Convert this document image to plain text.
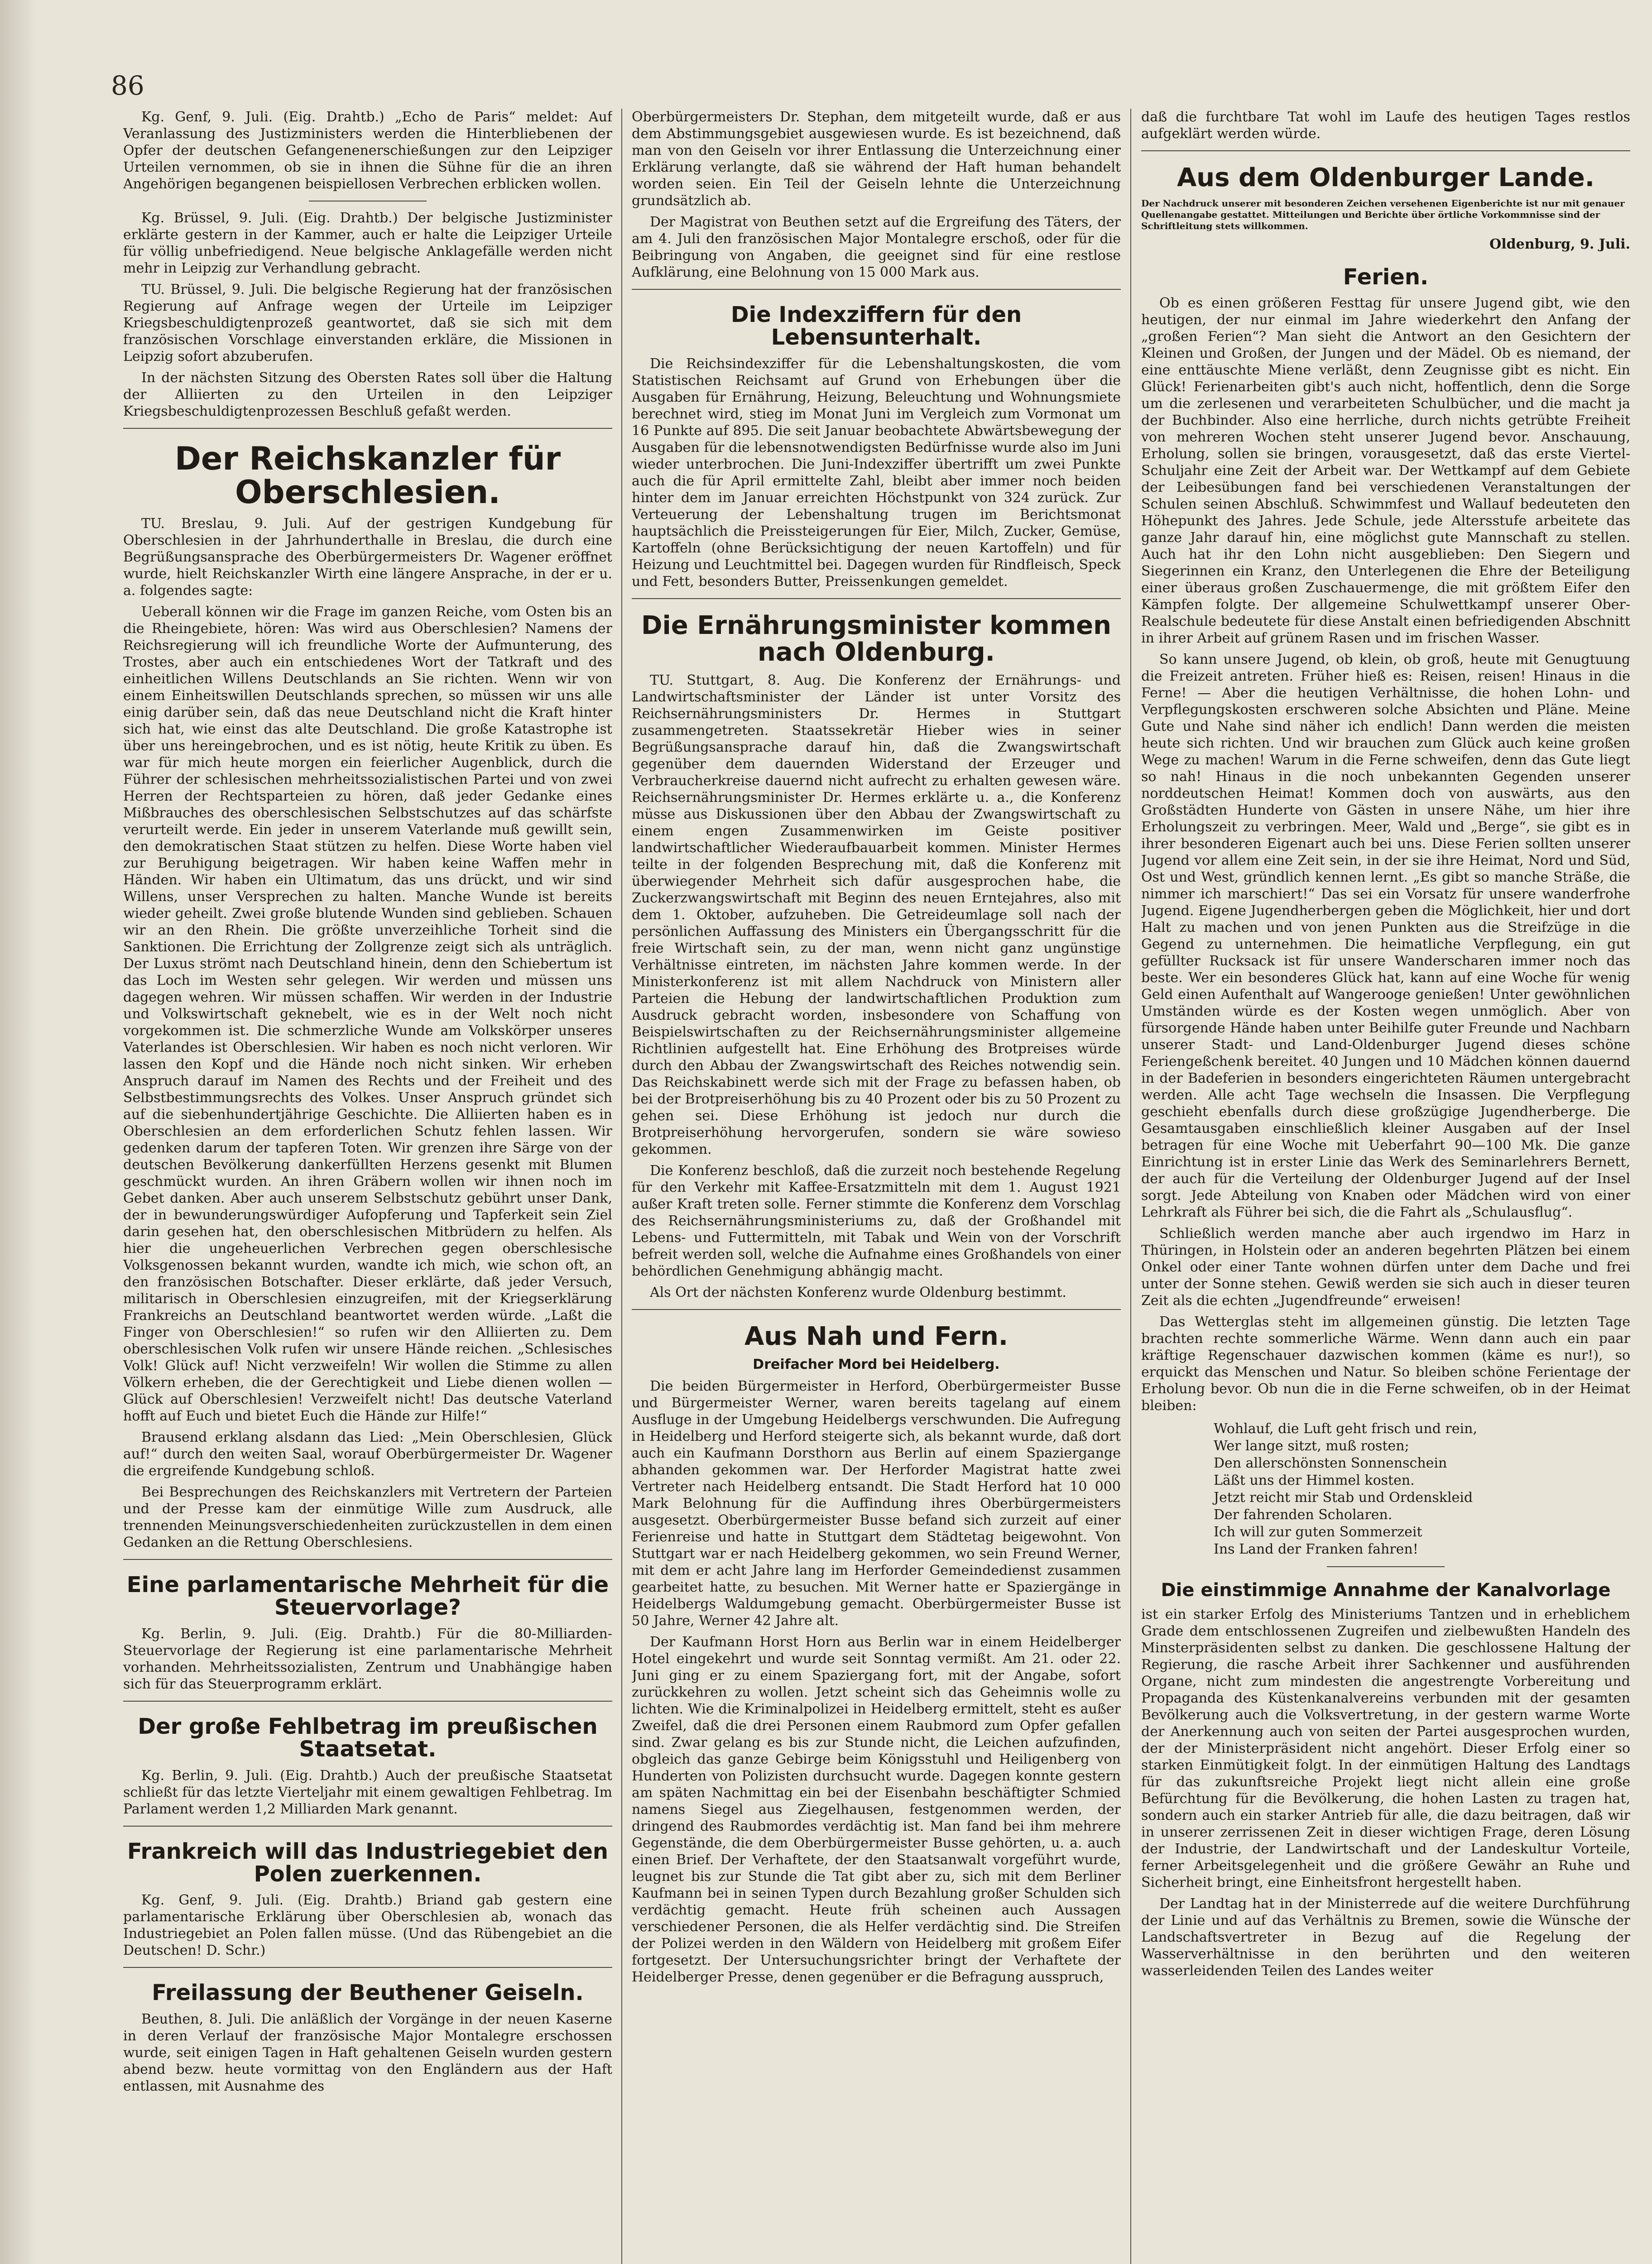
86

Kg. Genf, 9. Juli. (Eig. Drahtb.) „Echo de Paris“ meldet: Auf Veranlassung des Justizministers werden die Hinterbliebenen der Opfer der deutschen Gefangenenerschießungen zur den Leipziger Urteilen vernommen, ob sie in ihnen die Sühne für die an ihren Angehörigen begangenen beispiellosen Verbrechen erblicken wollen.

Kg. Brüssel, 9. Juli. (Eig. Drahtb.) Der belgische Justizminister erklärte gestern in der Kammer, auch er halte die Leipziger Urteile für völlig unbefriedigend. Neue belgische Anklagefälle werden nicht mehr in Leipzig zur Verhandlung gebracht.

TU. Brüssel, 9. Juli. Die belgische Regierung hat der französischen Regierung auf Anfrage wegen der Urteile im Leipziger Kriegsbeschuldigtenprozeß geantwortet, daß sie sich mit dem französischen Vorschlage einverstanden erkläre, die Missionen in Leipzig sofort abzuberufen.

In der nächsten Sitzung des Obersten Rates soll über die Haltung der Alliierten zu den Urteilen in den Leipziger Kriegsbeschuldigtenprozessen Beschluß gefaßt werden.

Der Reichskanzler für Oberschlesien.

TU. Breslau, 9. Juli. Auf der gestrigen Kundgebung für Oberschlesien in der Jahrhunderthalle in Breslau, die durch eine Begrüßungsansprache des Oberbürgermeisters Dr. Wagener eröffnet wurde, hielt Reichskanzler Wirth eine längere Ansprache, in der er u. a. folgendes sagte:

Ueberall können wir die Frage im ganzen Reiche, vom Osten bis an die Rheingebiete, hören: Was wird aus Oberschlesien? Namens der Reichsregierung will ich freundliche Worte der Aufmunterung, des Trostes, aber auch ein entschiedenes Wort der Tatkraft und des einheitlichen Willens Deutschlands an Sie richten. Wenn wir von einem Einheitswillen Deutschlands sprechen, so müssen wir uns alle einig darüber sein, daß das neue Deutschland nicht die Kraft hinter sich hat, wie einst das alte Deutschland. Die große Katastrophe ist über uns hereingebrochen, und es ist nötig, heute Kritik zu üben. Es war für mich heute morgen ein feierlicher Augenblick, durch die Führer der schlesischen mehrheitssozialistischen Partei und von zwei Herren der Rechtsparteien zu hören, daß jeder Gedanke eines Mißbrauches des oberschlesischen Selbstschutzes auf das schärfste verurteilt werde. Ein jeder in unserem Vaterlande muß gewillt sein, den demokratischen Staat stützen zu helfen. Diese Worte haben viel zur Beruhigung beigetragen. Wir haben keine Waffen mehr in Händen. Wir haben ein Ultimatum, das uns drückt, und wir sind Willens, unser Versprechen zu halten. Manche Wunde ist bereits wieder geheilt. Zwei große blutende Wunden sind geblieben. Schauen wir an den Rhein. Die größte unverzeihliche Torheit sind die Sanktionen. Die Errichtung der Zollgrenze zeigt sich als unträglich. Der Luxus strömt nach Deutschland hinein, denn den Schiebertum ist das Loch im Westen sehr gelegen. Wir werden und müssen uns dagegen wehren. Wir müssen schaffen. Wir werden in der Industrie und Volkswirtschaft geknebelt, wie es in der Welt noch nicht vorgekommen ist. Die schmerzliche Wunde am Volkskörper unseres Vaterlandes ist Oberschlesien. Wir haben es noch nicht verloren. Wir lassen den Kopf und die Hände noch nicht sinken. Wir erheben Anspruch darauf im Namen des Rechts und der Freiheit und des Selbstbestimmungsrechts des Volkes. Unser Anspruch gründet sich auf die siebenhundertjährige Geschichte. Die Alliierten haben es in Oberschlesien an dem erforderlichen Schutz fehlen lassen. Wir gedenken darum der tapferen Toten. Wir grenzen ihre Särge von der deutschen Bevölkerung dankerfüllten Herzens gesenkt mit Blumen geschmückt wurden. An ihren Gräbern wollen wir ihnen noch im Gebet danken. Aber auch unserem Selbstschutz gebührt unser Dank, der in bewunderungswürdiger Aufopferung und Tapferkeit sein Ziel darin gesehen hat, den oberschlesischen Mitbrüdern zu helfen. Als hier die ungeheuerlichen Verbrechen gegen oberschlesische Volksgenossen bekannt wurden, wandte ich mich, wie schon oft, an den französischen Botschafter. Dieser erklärte, daß jeder Versuch, militarisch in Oberschlesien einzugreifen, mit der Kriegserklärung Frankreichs an Deutschland beantwortet werden würde. „Laßt die Finger von Oberschlesien!“ so rufen wir den Alliierten zu. Dem oberschlesischen Volk rufen wir unsere Hände reichen. „Schlesisches Volk! Glück auf! Nicht verzweifeln! Wir wollen die Stimme zu allen Völkern erheben, die der Gerechtigkeit und Liebe dienen wollen — Glück auf Oberschlesien! Verzweifelt nicht! Das deutsche Vaterland hofft auf Euch und bietet Euch die Hände zur Hilfe!“

Brausend erklang alsdann das Lied: „Mein Oberschlesien, Glück auf!“ durch den weiten Saal, worauf Oberbürgermeister Dr. Wagener die ergreifende Kundgebung schloß.

Bei Besprechungen des Reichskanzlers mit Vertretern der Parteien und der Presse kam der einmütige Wille zum Ausdruck, alle trennenden Meinungsverschiedenheiten zurückzustellen in dem einen Gedanken an die Rettung Oberschlesiens.

Eine parlamentarische Mehrheit für die Steuervorlage?

Kg. Berlin, 9. Juli. (Eig. Drahtb.) Für die 80-Milliarden-Steuervorlage der Regierung ist eine parlamentarische Mehrheit vorhanden. Mehrheitssozialisten, Zentrum und Unabhängige haben sich für das Steuerprogramm erklärt.

Der große Fehlbetrag im preußischen Staatsetat.

Kg. Berlin, 9. Juli. (Eig. Drahtb.) Auch der preußische Staatsetat schließt für das letzte Vierteljahr mit einem gewaltigen Fehlbetrag. Im Parlament werden 1,2 Milliarden Mark genannt.

Frankreich will das Industriegebiet den Polen zuerkennen.

Kg. Genf, 9. Juli. (Eig. Drahtb.) Briand gab gestern eine parlamentarische Erklärung über Oberschlesien ab, wonach das Industriegebiet an Polen fallen müsse. (Und das Rübengebiet an die Deutschen! D. Schr.)

Freilassung der Beuthener Geiseln.

Beuthen, 8. Juli. Die anläßlich der Vorgänge in der neuen Kaserne in deren Verlauf der französische Major Montalegre erschossen wurde, seit einigen Tagen in Haft gehaltenen Geiseln wurden gestern abend bezw. heute vormittag von den Engländern aus der Haft entlassen, mit Ausnahme des

Oberbürgermeisters Dr. Stephan, dem mitgeteilt wurde, daß er aus dem Abstimmungsgebiet ausgewiesen wurde. Es ist bezeichnend, daß man von den Geiseln vor ihrer Entlassung die Unterzeichnung einer Erklärung verlangte, daß sie während der Haft human behandelt worden seien. Ein Teil der Geiseln lehnte die Unterzeichnung grundsätzlich ab.

Der Magistrat von Beuthen setzt auf die Ergreifung des Täters, der am 4. Juli den französischen Major Montalegre erschoß, oder für die Beibringung von Angaben, die geeignet sind für eine restlose Aufklärung, eine Belohnung von 15 000 Mark aus.

Die Indexziffern für den Lebensunterhalt.

Die Reichsindexziffer für die Lebenshaltungskosten, die vom Statistischen Reichsamt auf Grund von Erhebungen über die Ausgaben für Ernährung, Heizung, Beleuchtung und Wohnungsmiete berechnet wird, stieg im Monat Juni im Vergleich zum Vormonat um 16 Punkte auf 895. Die seit Januar beobachtete Abwärtsbewegung der Ausgaben für die lebensnotwendigsten Bedürfnisse wurde also im Juni wieder unterbrochen. Die Juni-Indexziffer übertrifft um zwei Punkte auch die für April ermittelte Zahl, bleibt aber immer noch beiden hinter dem im Januar erreichten Höchstpunkt von 324 zurück. Zur Verteuerung der Lebenshaltung trugen im Berichtsmonat hauptsächlich die Preissteigerungen für Eier, Milch, Zucker, Gemüse, Kartoffeln (ohne Berücksichtigung der neuen Kartoffeln) und für Heizung und Leuchtmittel bei. Dagegen wurden für Rindfleisch, Speck und Fett, besonders Butter, Preissenkungen gemeldet.

Die Ernährungsminister kommen nach Oldenburg.

TU. Stuttgart, 8. Aug. Die Konferenz der Ernährungs- und Landwirtschaftsminister der Länder ist unter Vorsitz des Reichsernährungsministers Dr. Hermes in Stuttgart zusammengetreten. Staatssekretär Hieber wies in seiner Begrüßungsansprache darauf hin, daß die Zwangswirtschaft gegenüber dem dauernden Widerstand der Erzeuger und Verbraucherkreise dauernd nicht aufrecht zu erhalten gewesen wäre. Reichsernährungsminister Dr. Hermes erklärte u. a., die Konferenz müsse aus Diskussionen über den Abbau der Zwangswirtschaft zu einem engen Zusammenwirken im Geiste positiver landwirtschaftlicher Wiederaufbauarbeit kommen. Minister Hermes teilte in der folgenden Besprechung mit, daß die Konferenz mit überwiegender Mehrheit sich dafür ausgesprochen habe, die Zuckerzwangswirtschaft mit Beginn des neuen Erntejahres, also mit dem 1. Oktober, aufzuheben. Die Getreideumlage soll nach der persönlichen Auffassung des Ministers ein Übergangsschritt für die freie Wirtschaft sein, zu der man, wenn nicht ganz ungünstige Verhältnisse eintreten, im nächsten Jahre kommen werde. In der Ministerkonferenz ist mit allem Nachdruck von Ministern aller Parteien die Hebung der landwirtschaftlichen Produktion zum Ausdruck gebracht worden, insbesondere von Schaffung von Beispielswirtschaften zu der Reichsernährungsminister allgemeine Richtlinien aufgestellt hat. Eine Erhöhung des Brotpreises würde durch den Abbau der Zwangswirtschaft des Reiches notwendig sein. Das Reichskabinett werde sich mit der Frage zu befassen haben, ob bei der Brotpreiserhöhung bis zu 40 Prozent oder bis zu 50 Prozent zu gehen sei. Diese Erhöhung ist jedoch nur durch die Brotpreiserhöhung hervorgerufen, sondern sie wäre sowieso gekommen.

Die Konferenz beschloß, daß die zurzeit noch bestehende Regelung für den Verkehr mit Kaffee-Ersatzmitteln mit dem 1. August 1921 außer Kraft treten solle. Ferner stimmte die Konferenz dem Vorschlag des Reichsernährungsministeriums zu, daß der Großhandel mit Lebens- und Futtermitteln, mit Tabak und Wein von der Vorschrift befreit werden soll, welche die Aufnahme eines Großhandels von einer behördlichen Genehmigung abhängig macht.

Als Ort der nächsten Konferenz wurde Oldenburg bestimmt.

Aus Nah und Fern.
Dreifacher Mord bei Heidelberg.

Die beiden Bürgermeister in Herford, Oberbürgermeister Busse und Bürgermeister Werner, waren bereits tagelang auf einem Ausfluge in der Umgebung Heidelbergs verschwunden. Die Aufregung in Heidelberg und Herford steigerte sich, als bekannt wurde, daß dort auch ein Kaufmann Dorsthorn aus Berlin auf einem Spaziergange abhanden gekommen war. Der Herforder Magistrat hatte zwei Vertreter nach Heidelberg entsandt. Die Stadt Herford hat 10 000 Mark Belohnung für die Auffindung ihres Oberbürgermeisters ausgesetzt. Oberbürgermeister Busse befand sich zurzeit auf einer Ferienreise und hatte in Stuttgart dem Städtetag beigewohnt. Von Stuttgart war er nach Heidelberg gekommen, wo sein Freund Werner, mit dem er acht Jahre lang im Herforder Gemeindedienst zusammen gearbeitet hatte, zu besuchen. Mit Werner hatte er Spaziergänge in Heidelbergs Waldumgebung gemacht. Oberbürgermeister Busse ist 50 Jahre, Werner 42 Jahre alt.

Der Kaufmann Horst Horn aus Berlin war in einem Heidelberger Hotel eingekehrt und wurde seit Sonntag vermißt. Am 21. oder 22. Juni ging er zu einem Spaziergang fort, mit der Angabe, sofort zurückkehren zu wollen. Jetzt scheint sich das Geheimnis wolle zu lichten. Wie die Kriminalpolizei in Heidelberg ermittelt, steht es außer Zweifel, daß die drei Personen einem Raubmord zum Opfer gefallen sind. Zwar gelang es bis zur Stunde nicht, die Leichen aufzufinden, obgleich das ganze Gebirge beim Königsstuhl und Heiligenberg von Hunderten von Polizisten durchsucht wurde. Dagegen konnte gestern am späten Nachmittag ein bei der Eisenbahn beschäftigter Schmied namens Siegel aus Ziegelhausen, festgenommen werden, der dringend des Raubmordes verdächtig ist. Man fand bei ihm mehrere Gegenstände, die dem Oberbürgermeister Busse gehörten, u. a. auch einen Brief. Der Verhaftete, der den Staatsanwalt vorgeführt wurde, leugnet bis zur Stunde die Tat gibt aber zu, sich mit dem Berliner Kaufmann bei in seinen Typen durch Bezahlung großer Schulden sich verdächtig gemacht. Heute früh scheinen auch Aussagen verschiedener Personen, die als Helfer verdächtig sind. Die Streifen der Polizei werden in den Wäldern von Heidelberg mit großem Eifer fortgesetzt. Der Untersuchungsrichter bringt der Verhaftete der Heidelberger Presse, denen gegenüber er die Befragung ausspruch,

daß die furchtbare Tat wohl im Laufe des heutigen Tages restlos aufgeklärt werden würde.

Aus dem Oldenburger Lande.
Der Nachdruck unserer mit besonderen Zeichen versehenen Eigenberichte ist nur mit genauer Quellenangabe gestattet. Mitteilungen und Berichte über örtliche Vorkommnisse sind der Schriftleitung stets willkommen.
Oldenburg, 9. Juli.
Ferien.

Ob es einen größeren Festtag für unsere Jugend gibt, wie den heutigen, der nur einmal im Jahre wiederkehrt den Anfang der „großen Ferien“? Man sieht die Antwort an den Gesichtern der Kleinen und Großen, der Jungen und der Mädel. Ob es niemand, der eine enttäuschte Miene verläßt, denn Zeugnisse gibt es nicht. Ein Glück! Ferienarbeiten gibt's auch nicht, hoffentlich, denn die Sorge um die zerlesenen und verarbeiteten Schulbücher, und die macht ja der Buchbinder. Also eine herrliche, durch nichts getrübte Freiheit von mehreren Wochen steht unserer Jugend bevor. Anschauung, Erholung, sollen sie bringen, vorausgesetzt, daß das erste Viertel-Schuljahr eine Zeit der Arbeit war. Der Wettkampf auf dem Gebiete der Leibesübungen fand bei verschiedenen Veranstaltungen der Schulen seinen Abschluß. Schwimmfest und Wallauf bedeuteten den Höhepunkt des Jahres. Jede Schule, jede Altersstufe arbeitete das ganze Jahr darauf hin, eine möglichst gute Mannschaft zu stellen. Auch hat ihr den Lohn nicht ausgeblieben: Den Siegern und Siegerinnen ein Kranz, den Unterlegenen die Ehre der Beteiligung einer überaus großen Zuschauermenge, die mit größtem Eifer den Kämpfen folgte. Der allgemeine Schulwettkampf unserer Ober-Realschule bedeutete für diese Anstalt einen befriedigenden Abschnitt in ihrer Arbeit auf grünem Rasen und im frischen Wasser.

So kann unsere Jugend, ob klein, ob groß, heute mit Genugtuung die Freizeit antreten. Früher hieß es: Reisen, reisen! Hinaus in die Ferne! — Aber die heutigen Verhältnisse, die hohen Lohn- und Verpflegungskosten erschweren solche Absichten und Pläne. Meine Gute und Nahe sind näher ich endlich! Dann werden die meisten heute sich richten. Und wir brauchen zum Glück auch keine großen Wege zu machen! Warum in die Ferne schweifen, denn das Gute liegt so nah! Hinaus in die noch unbekannten Gegenden unserer norddeutschen Heimat! Kommen doch von auswärts, aus den Großstädten Hunderte von Gästen in unsere Nähe, um hier ihre Erholungszeit zu verbringen. Meer, Wald und „Berge“, sie gibt es in ihrer besonderen Eigenart auch bei uns. Diese Ferien sollten unserer Jugend vor allem eine Zeit sein, in der sie ihre Heimat, Nord und Süd, Ost und West, gründlich kennen lernt. „Es gibt so manche Sträße, die nimmer ich marschiert!“ Das sei ein Vorsatz für unsere wanderfrohe Jugend. Eigene Jugendherbergen geben die Möglichkeit, hier und dort Halt zu machen und von jenen Punkten aus die Streifzüge in die Gegend zu unternehmen. Die heimatliche Verpflegung, ein gut gefüllter Rucksack ist für unsere Wanderscharen immer noch das beste. Wer ein besonderes Glück hat, kann auf eine Woche für wenig Geld einen Aufenthalt auf Wangerooge genießen! Unter gewöhnlichen Umständen würde es der Kosten wegen unmöglich. Aber von fürsorgende Hände haben unter Beihilfe guter Freunde und Nachbarn unserer Stadt- und Land-Oldenburger Jugend dieses schöne Feriengeßchenk bereitet. 40 Jungen und 10 Mädchen können dauernd in der Badeferien in besonders eingerichteten Räumen untergebracht werden. Alle acht Tage wechseln die Insassen. Die Verpflegung geschieht ebenfalls durch diese großzügige Jugendherberge. Die Gesamtausgaben einschließlich kleiner Ausgaben auf der Insel betragen für eine Woche mit Ueberfahrt 90—100 Mk. Die ganze Einrichtung ist in erster Linie das Werk des Seminarlehrers Bernett, der auch für die Verteilung der Oldenburger Jugend auf der Insel sorgt. Jede Abteilung von Knaben oder Mädchen wird von einer Lehrkraft als Führer bei sich, die die Fahrt als „Schulausflug“.

Schließlich werden manche aber auch irgendwo im Harz in Thüringen, in Holstein oder an anderen begehrten Plätzen bei einem Onkel oder einer Tante wohnen dürfen unter dem Dache und frei unter der Sonne stehen. Gewiß werden sie sich auch in dieser teuren Zeit als die echten „Jugendfreunde“ erweisen!

Das Wetterglas steht im allgemeinen günstig. Die letzten Tage brachten rechte sommerliche Wärme. Wenn dann auch ein paar kräftige Regenschauer dazwischen kommen (käme es nur!), so erquickt das Menschen und Natur. So bleiben schöne Ferientage der Erholung bevor. Ob nun die in die Ferne schweifen, ob in der Heimat bleiben:

Wohlauf, die Luft geht frisch und rein,
Wer lange sitzt, muß rosten;
Den allerschönsten Sonnenschein
Läßt uns der Himmel kosten.
Jetzt reicht mir Stab und Ordenskleid
Der fahrenden Scholaren.
Ich will zur guten Sommerzeit
Ins Land der Franken fahren!
Die einstimmige Annahme der Kanalvorlage

ist ein starker Erfolg des Ministeriums Tantzen und in erheblichem Grade dem entschlossenen Zugreifen und zielbewußten Handeln des Minsterpräsidenten selbst zu danken. Die geschlossene Haltung der Regierung, die rasche Arbeit ihrer Sachkenner und ausführenden Organe, nicht zum mindesten die angestrengte Vorbereitung und Propaganda des Küstenkanalvereins verbunden mit der gesamten Bevölkerung auch die Volksvertretung, in der gestern warme Worte der Anerkennung auch von seiten der Partei ausgesprochen wurden, der der Ministerpräsident nicht angehört. Dieser Erfolg einer so starken Einmütigkeit folgt. In der einmütigen Haltung des Landtags für das zukunftsreiche Projekt liegt nicht allein eine große Befürchtung für die Bevölkerung, die hohen Lasten zu tragen hat, sondern auch ein starker Antrieb für alle, die dazu beitragen, daß wir in unserer zerrissenen Zeit in dieser wichtigen Frage, deren Lösung der Industrie, der Landwirtschaft und der Landeskultur Vorteile, ferner Arbeitsgelegenheit und die größere Gewähr an Ruhe und Sicherheit bringt, eine Einheitsfront hergestellt haben.

Der Landtag hat in der Ministerrede auf die weitere Durchführung der Linie und auf das Verhältnis zu Bremen, sowie die Wünsche der Landschaftsvertreter in Bezug auf die Regelung der Wasserverhältnisse in den berührten und den weiteren wasserleidenden Teilen des Landes weiter
